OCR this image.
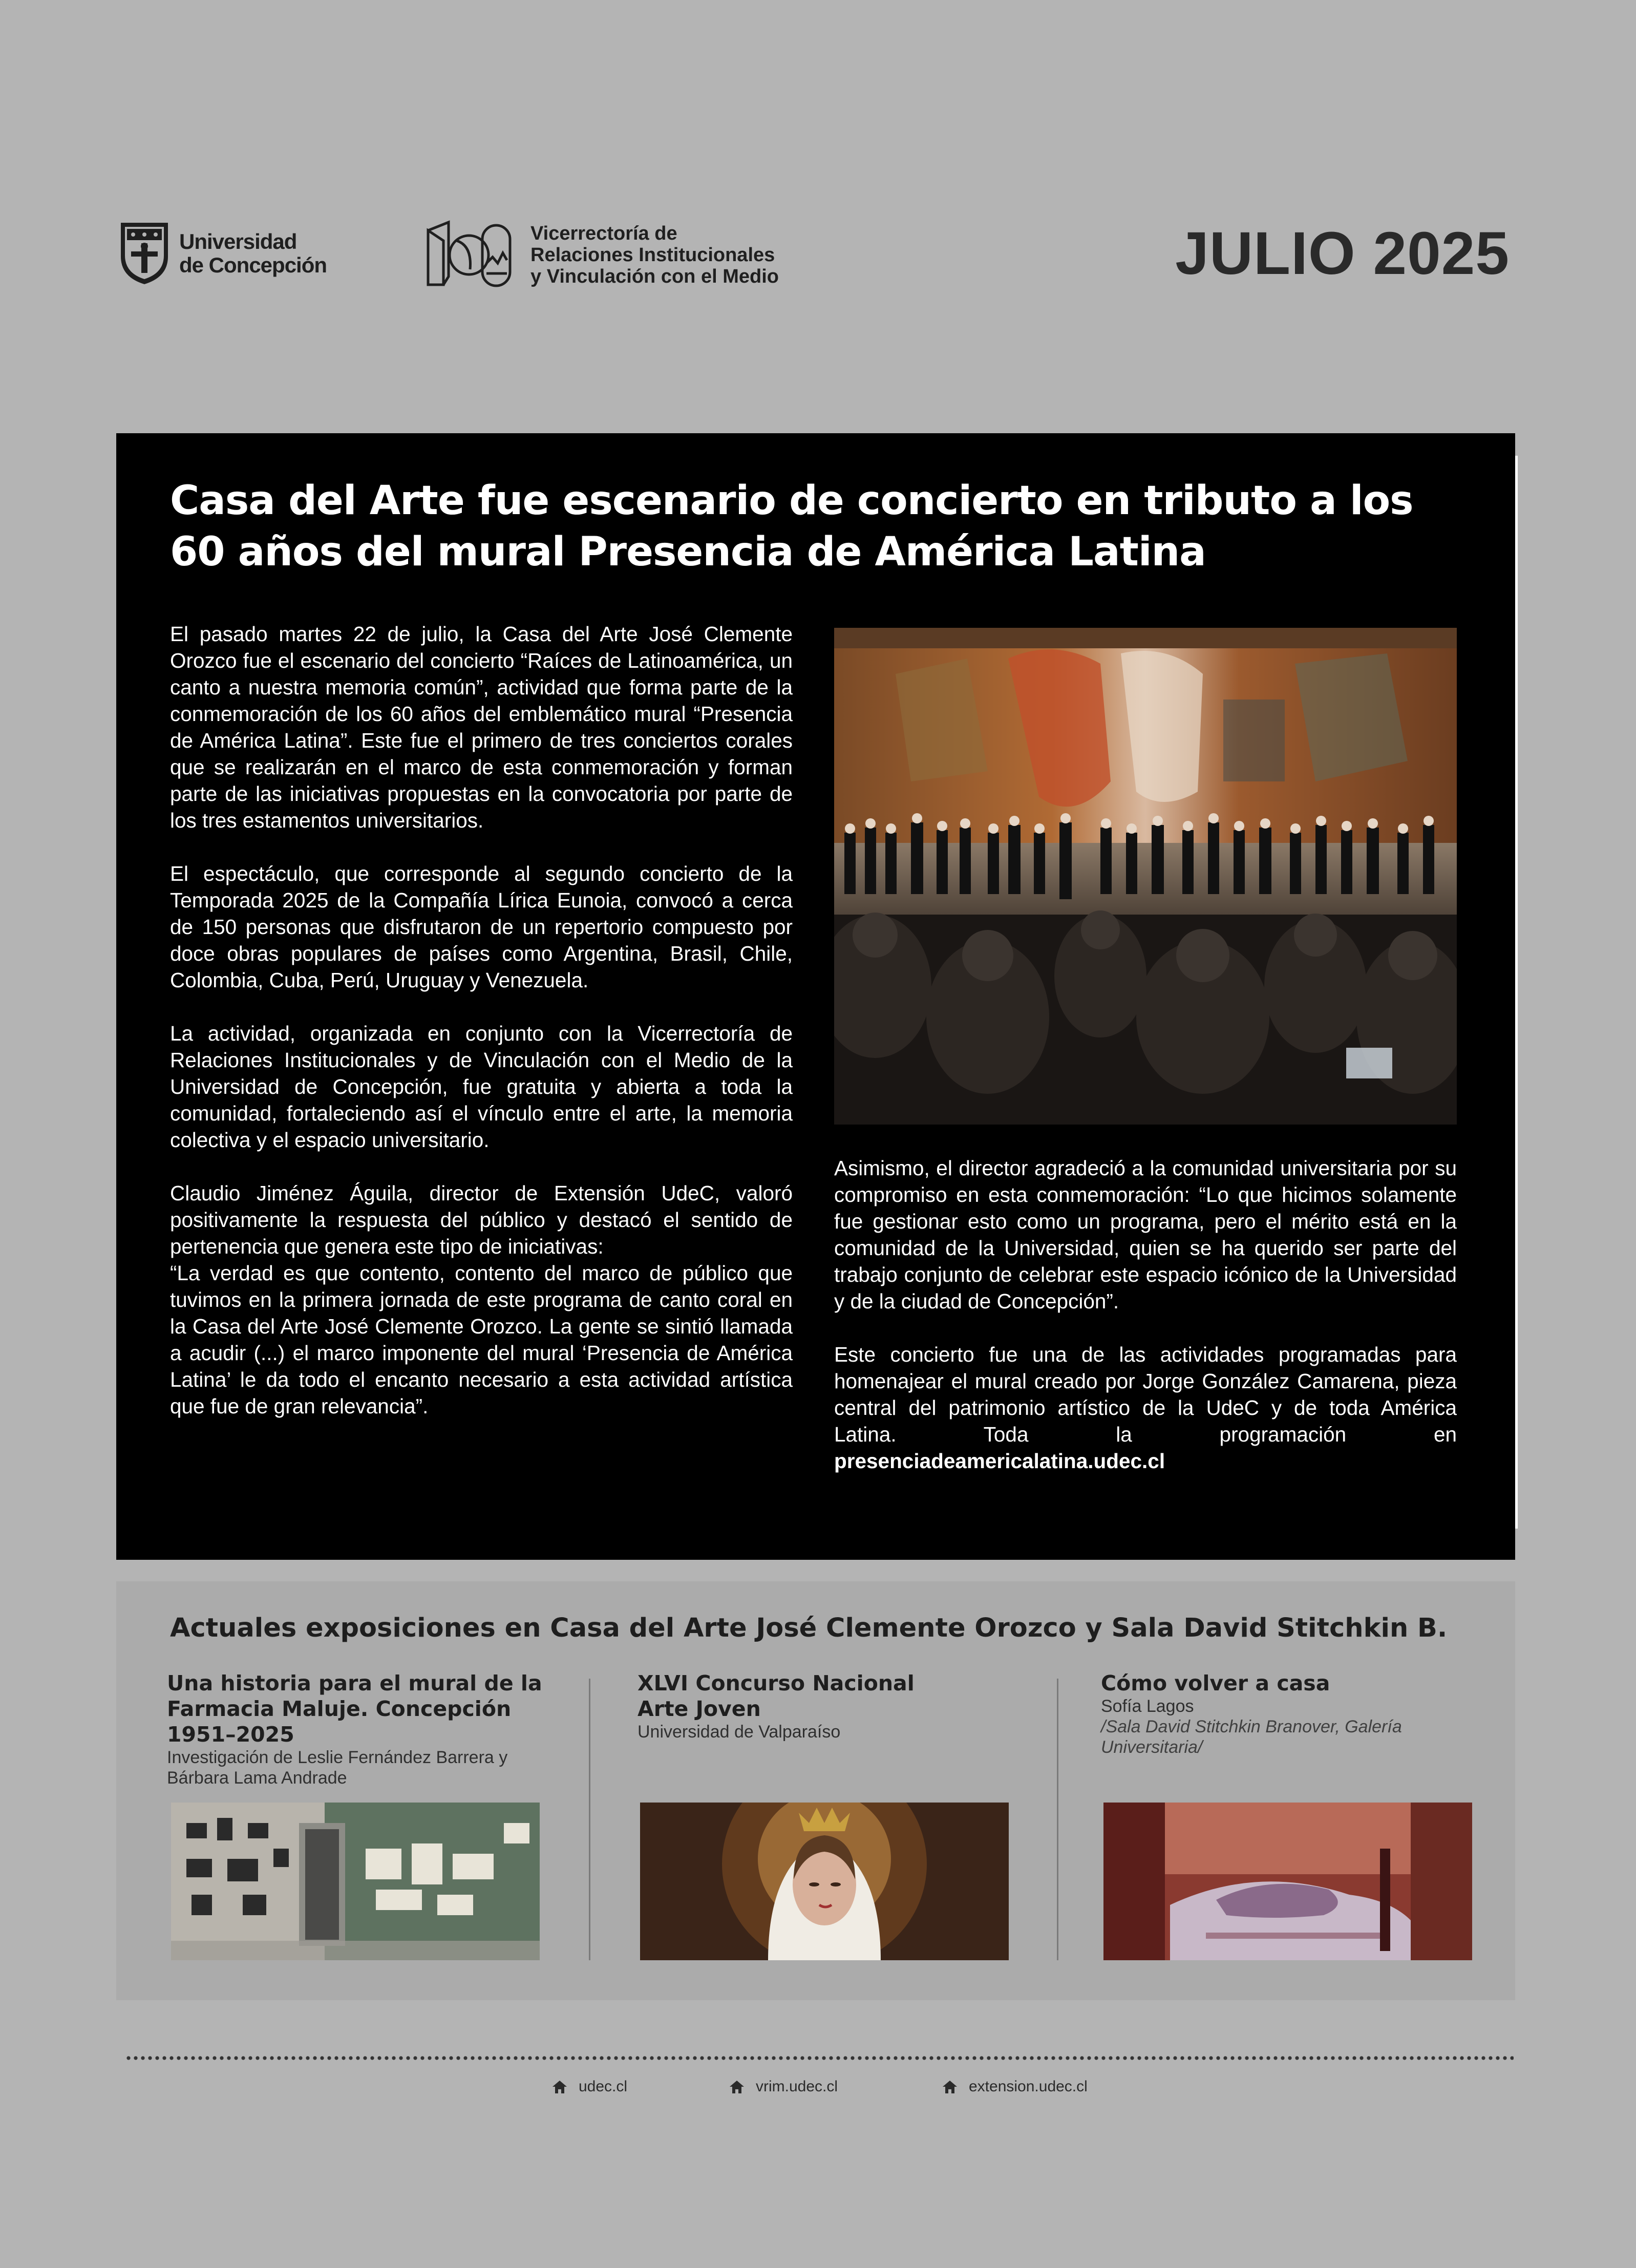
Universidad
de Concepción
Vicerrectoría de
Relaciones Institucionales
y Vinculación con el Medio	JULIO 2025
Casa del Arte fue escenario de concierto en tributo a los 60 años del mural Presencia de América Latina

El pasado martes 22 de julio, la Casa del Arte José Clemente Orozco fue el escenario del concierto “Raíces de Latinoamérica, un canto a nuestra memoria común”, actividad que forma parte de la conmemoración de los 60 años del emblemático mural “Presencia de América Latina”. Este fue el primero de tres conciertos corales que se realizarán en el marco de esta conmemoración y forman parte de las iniciativas propuestas en la convocatoria por parte de los tres estamentos universitarios.

El espectáculo, que corresponde al segundo concierto de la Temporada 2025 de la Compañía Lírica Eunoia, convocó a cerca de 150 personas que disfrutaron de un repertorio compuesto por doce obras populares de países como Argentina, Brasil, Chile, Colombia, Cuba, Perú, Uruguay y Venezuela.

La actividad, organizada en conjunto con la Vicerrectoría de Relaciones Institucionales y de Vinculación con el Medio de la Universidad de Concepción, fue gratuita y abierta a toda la comunidad, fortaleciendo así el vínculo entre el arte, la memoria colectiva y el espacio universitario.

Claudio Jiménez Águila, director de Extensión UdeC, valoró positivamente la respuesta del público y destacó el sentido de pertenencia que genera este tipo de iniciativas:

“La verdad es que contento, contento del marco de público que tuvimos en la primera jornada de este programa de canto coral en la Casa del Arte José Clemente Orozco. La gente se sintió llamada a acudir (...) el marco imponente del mural ‘Presencia de América Latina’ le da todo el encanto necesario a esta actividad artística que fue de gran relevancia”.

Asimismo, el director agradeció a la comunidad universitaria por su compromiso en esta conmemoración: “Lo que hicimos solamente fue gestionar esto como un programa, pero el mérito está en la comunidad de la Universidad, quien se ha querido ser parte del trabajo conjunto de celebrar este espacio icónico de la Universidad y de la ciudad de Concepción”.

Este concierto fue una de las actividades programadas para homenajear el mural creado por Jorge González Camarena, pieza central del patrimonio artístico de la UdeC y de toda América Latina. Toda la programación en presenciadeamericalatina.udec.cl

Actuales exposiciones en Casa del Arte José Clemente Orozco y Sala David Stitchkin B.
Una historia para el mural de la
Farmacia Maluje. Concepción
1951–2025
Investigación de Leslie Fernández Barrera y
Bárbara Lama Andrade
XLVI Concurso Nacional
Arte Joven
Universidad de Valparaíso
Cómo volver a casa
Sofía Lagos
/Sala David Stitchkin Branover, Galería
Universitaria/
udec.cl	vrim.udec.cl	extension.udec.cl
